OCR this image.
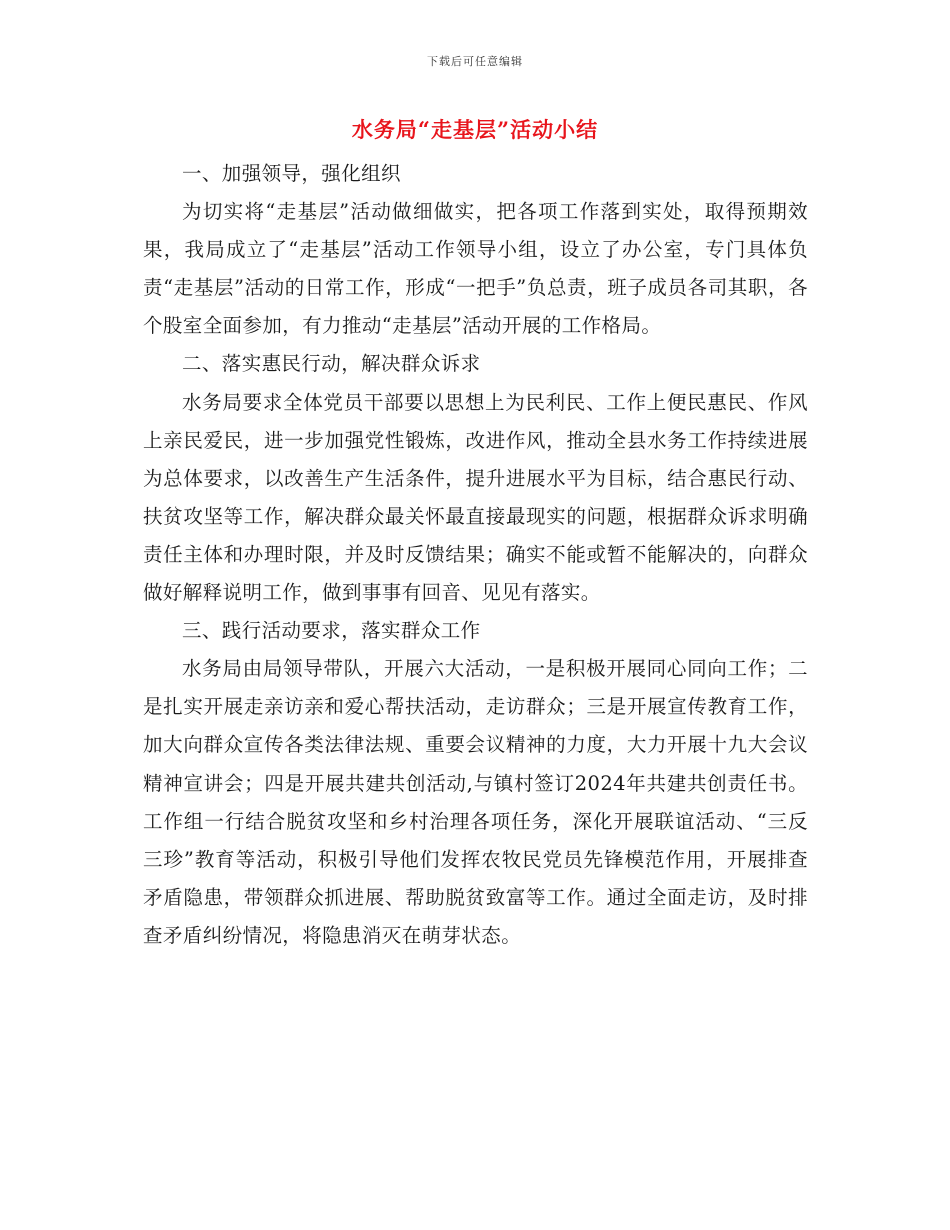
下载后可任意编辑
水务局“走基层”活动小结

一、加强领导，强化组织

为切实将“走基层”活动做细做实，把各项工作落到实处，取得预期效果，我局成立了“走基层”活动工作领导小组，设立了办公室，专门具体负责“走基层”活动的日常工作，形成“一把手”负总责，班子成员各司其职，各个股室全面参加，有力推动“走基层”活动开展的工作格局。

二、落实惠民行动，解决群众诉求

水务局要求全体党员干部要以思想上为民利民、工作上便民惠民、作风上亲民爱民，进一步加强党性锻炼，改进作风，推动全县水务工作持续进展为总体要求，以改善生产生活条件，提升进展水平为目标，结合惠民行动、扶贫攻坚等工作，解决群众最关怀最直接最现实的问题，根据群众诉求明确责任主体和办理时限，并及时反馈结果；确实不能或暂不能解决的，向群众做好解释说明工作，做到事事有回音、见见有落实。

三、践行活动要求，落实群众工作

水务局由局领导带队，开展六大活动，一是积极开展同心同向工作；二是扎实开展走亲访亲和爱心帮扶活动，走访群众；三是开展宣传教育工作，加大向群众宣传各类法律法规、重要会议精神的力度，大力开展十九大会议精神宣讲会；四是开展共建共创活动,与镇村签订2024年共建共创责任书。工作组一行结合脱贫攻坚和乡村治理各项任务，深化开展联谊活动、“三反三珍”教育等活动，积极引导他们发挥农牧民党员先锋模范作用，开展排查矛盾隐患，带领群众抓进展、帮助脱贫致富等工作。通过全面走访，及时排查矛盾纠纷情况，将隐患消灭在萌芽状态。
